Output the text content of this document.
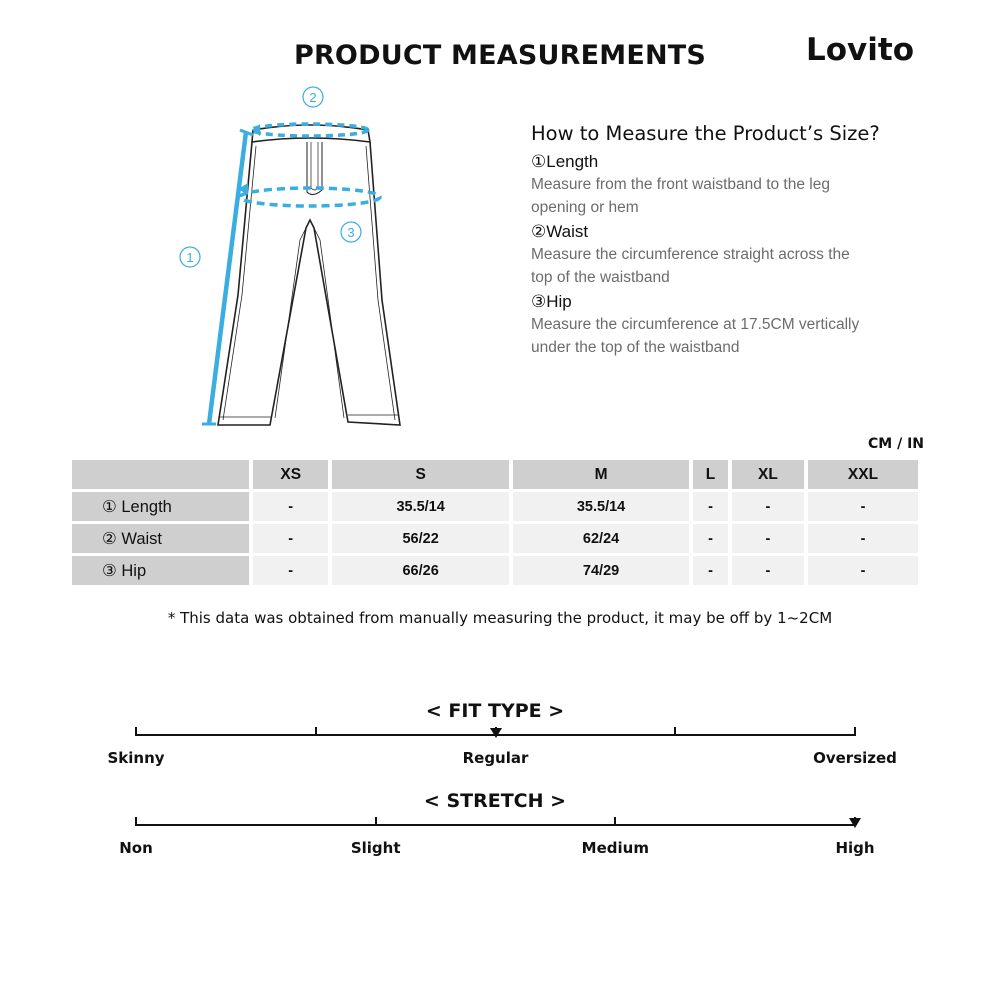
PRODUCT MEASUREMENTS	Lovito
1
2
3
How to Measure the Product’s Size?
①Length
Measure from the front waistband to the leg
opening or hem
②Waist
Measure the circumference straight across the
top of the waistband
③Hip
Measure the circumference at 17.5CM vertically
under the top of the waistband
CM / IN
	XS	S	M	L	XL	XXL
① Length	-	35.5/14	35.5/14	-	-	-
② Waist	-	56/22	62/24	-	-	-
③ Hip	-	66/26	74/29	-	-	-
* This data was obtained from manually measuring the product, it may be off by 1~2CM
< FIT TYPE >
Skinny	Regular	Oversized
< STRETCH >
Non	Slight	Medium	High
